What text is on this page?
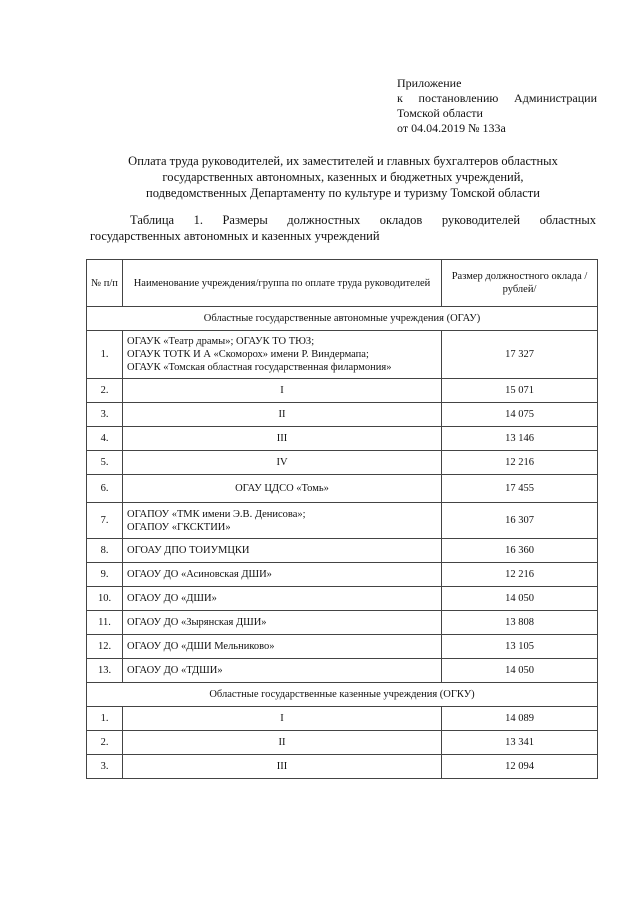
Приложение
к постановлению Администрации
Томской области
от 04.04.2019 № 133а
Оплата труда руководителей, их заместителей и главных бухгалтеров областных
государственных автономных, казенных и бюджетных учреждений,
подведомственных Департаменту по культуре и туризму Томской области
Таблица 1. Размеры должностных окладов руководителей областных
государственных автономных и казенных учреждений
№ п/п	Наименование учреждения/группа по оплате труда руководителей	Размер должностного оклада /рублей/
Областные государственные автономные учреждения (ОГАУ)		
1.	ОГАУК «Театр драмы»; ОГАУК ТО ТЮЗ;
ОГАУК ТОТК И А «Скоморох» имени Р. Виндермапа;
ОГАУК «Томская областная государственная филармония»	17 327
2.	I	15 071
3.	II	14 075
4.	III	13 146
5.	IV	12 216
6.	ОГАУ ЦДСО «Томь»	17 455
7.	ОГАПОУ «ТМК имени Э.В. Денисова»;
ОГАПОУ «ГКСКТИИ»	16 307
8.	ОГОАУ ДПО ТОИУМЦКИ	16 360
9.	ОГАОУ ДО «Асиновская ДШИ»	12 216
10.	ОГАОУ ДО «ДШИ»	14 050
11.	ОГАОУ ДО «Зырянская ДШИ»	13 808
12.	ОГАОУ ДО «ДШИ Мельниково»	13 105
13.	ОГАОУ ДО «ТДШИ»	14 050
Областные государственные казенные учреждения (ОГКУ)		
1.	I	14 089
2.	II	13 341
3.	III	12 094
